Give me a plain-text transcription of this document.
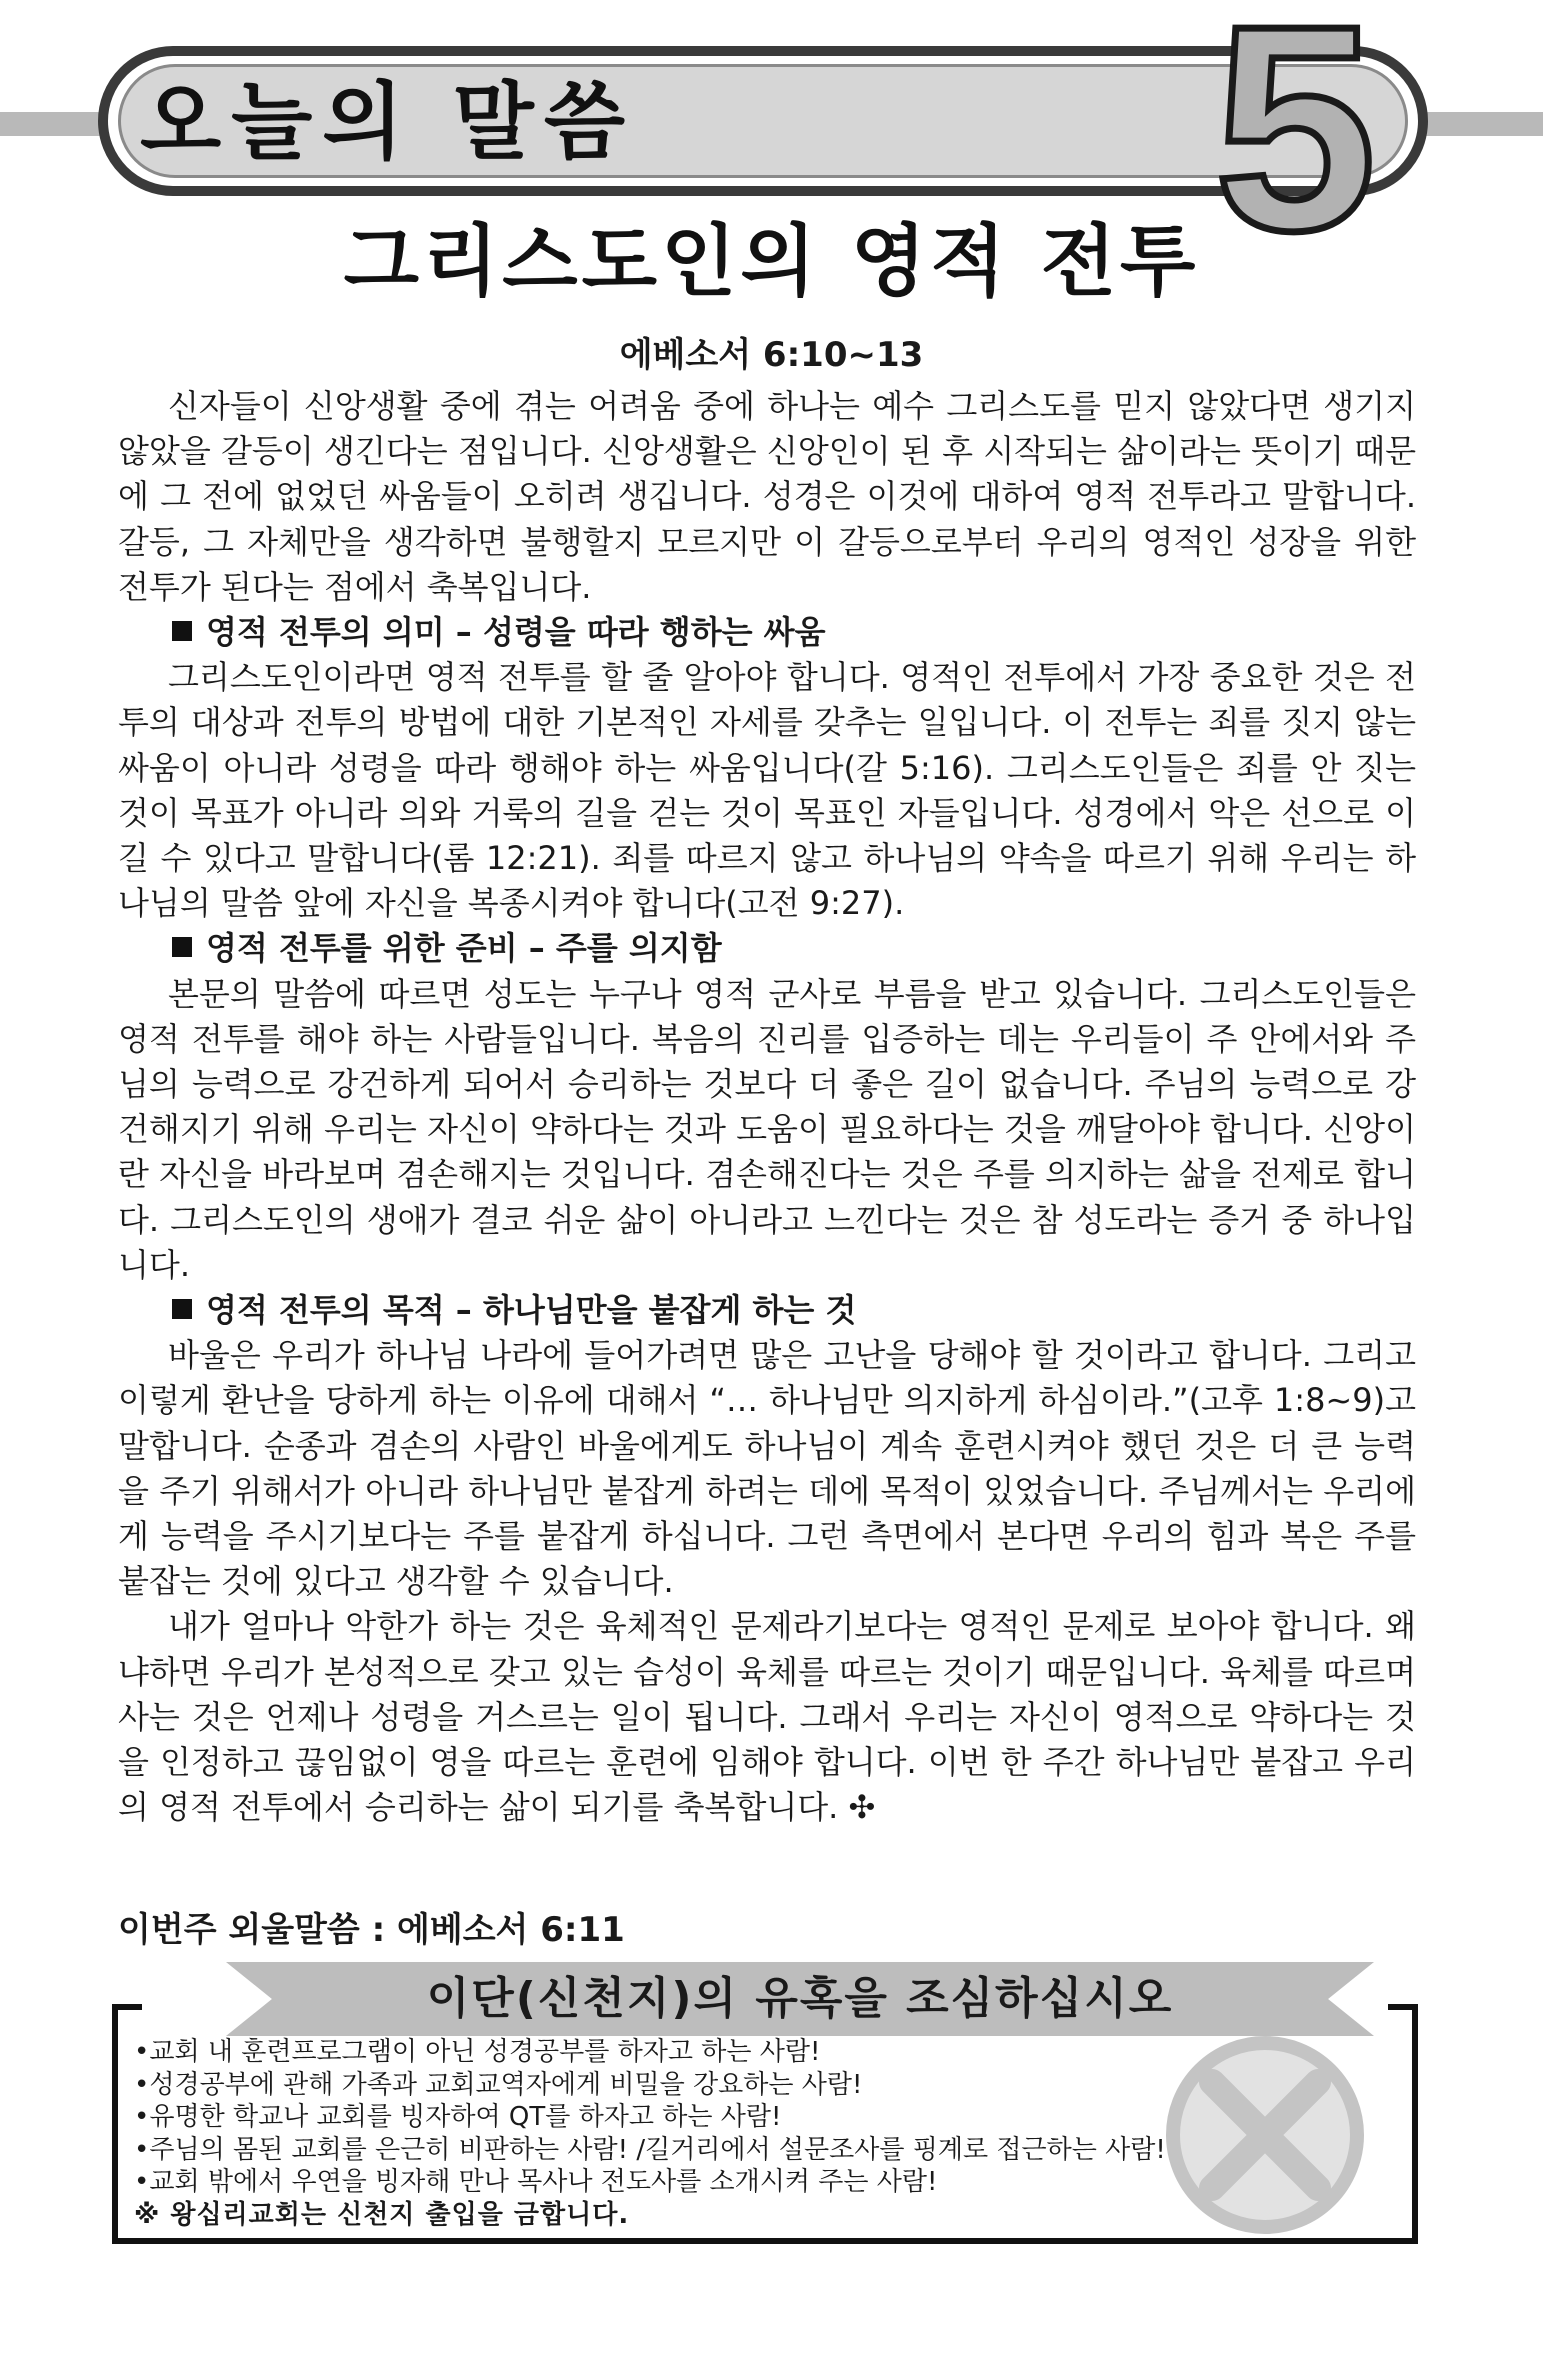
오늘의 말씀 5
그리스도인의 영적 전투
에베소서 6:10~13

신자들이 신앙생활 중에 겪는 어려움 중에 하나는 예수 그리스도를 믿지 않았다면 생기지 않았을 갈등이 생긴다는 점입니다. 신앙생활은 신앙인이 된 후 시작되는 삶이라는 뜻이기 때문에 그 전에 없었던 싸움들이 오히려 생깁니다. 성경은 이것에 대하여 영적 전투라고 말합니다. 갈등, 그 자체만을 생각하면 불행할지 모르지만 이 갈등으로부터 우리의 영적인 성장을 위한 전투가 된다는 점에서 축복입니다.

영적 전투의 의미 – 성령을 따라 행하는 싸움

그리스도인이라면 영적 전투를 할 줄 알아야 합니다. 영적인 전투에서 가장 중요한 것은 전투의 대상과 전투의 방법에 대한 기본적인 자세를 갖추는 일입니다. 이 전투는 죄를 짓지 않는 싸움이 아니라 성령을 따라 행해야 하는 싸움입니다(갈 5:16). 그리스도인들은 죄를 안 짓는 것이 목표가 아니라 의와 거룩의 길을 걷는 것이 목표인 자들입니다. 성경에서 악은 선으로 이길 수 있다고 말합니다(롬 12:21). 죄를 따르지 않고 하나님의 약속을 따르기 위해 우리는 하나님의 말씀 앞에 자신을 복종시켜야 합니다(고전 9:27).

영적 전투를 위한 준비 – 주를 의지함

본문의 말씀에 따르면 성도는 누구나 영적 군사로 부름을 받고 있습니다. 그리스도인들은 영적 전투를 해야 하는 사람들입니다. 복음의 진리를 입증하는 데는 우리들이 주 안에서와 주님의 능력으로 강건하게 되어서 승리하는 것보다 더 좋은 길이 없습니다. 주님의 능력으로 강건해지기 위해 우리는 자신이 약하다는 것과 도움이 필요하다는 것을 깨달아야 합니다. 신앙이란 자신을 바라보며 겸손해지는 것입니다. 겸손해진다는 것은 주를 의지하는 삶을 전제로 합니다. 그리스도인의 생애가 결코 쉬운 삶이 아니라고 느낀다는 것은 참 성도라는 증거 중 하나입니다.

영적 전투의 목적 – 하나님만을 붙잡게 하는 것

바울은 우리가 하나님 나라에 들어가려면 많은 고난을 당해야 할 것이라고 합니다. 그리고 이렇게 환난을 당하게 하는 이유에 대해서 “… 하나님만 의지하게 하심이라.”(고후 1:8~9)고 말합니다. 순종과 겸손의 사람인 바울에게도 하나님이 계속 훈련시켜야 했던 것은 더 큰 능력을 주기 위해서가 아니라 하나님만 붙잡게 하려는 데에 목적이 있었습니다. 주님께서는 우리에게 능력을 주시기보다는 주를 붙잡게 하십니다. 그런 측면에서 본다면 우리의 힘과 복은 주를 붙잡는 것에 있다고 생각할 수 있습니다.

내가 얼마나 악한가 하는 것은 육체적인 문제라기보다는 영적인 문제로 보아야 합니다. 왜냐하면 우리가 본성적으로 갖고 있는 습성이 육체를 따르는 것이기 때문입니다. 육체를 따르며 사는 것은 언제나 성령을 거스르는 일이 됩니다. 그래서 우리는 자신이 영적으로 약하다는 것을 인정하고 끊임없이 영을 따르는 훈련에 임해야 합니다. 이번 한 주간 하나님만 붙잡고 우리의 영적 전투에서 승리하는 삶이 되기를 축복합니다. ✣

이번주 외울말씀 : 에베소서 6:11
이단(신천지)의 유혹을 조심하십시오
•교회 내 훈련프로그램이 아닌 성경공부를 하자고 하는 사람!
•성경공부에 관해 가족과 교회교역자에게 비밀을 강요하는 사람!
•유명한 학교나 교회를 빙자하여 QT를 하자고 하는 사람!
•주님의 몸된 교회를 은근히 비판하는 사람! /길거리에서 설문조사를 핑계로 접근하는 사람!
•교회 밖에서 우연을 빙자해 만나 목사나 전도사를 소개시켜 주는 사람!
※ 왕십리교회는 신천지 출입을 금합니다.
